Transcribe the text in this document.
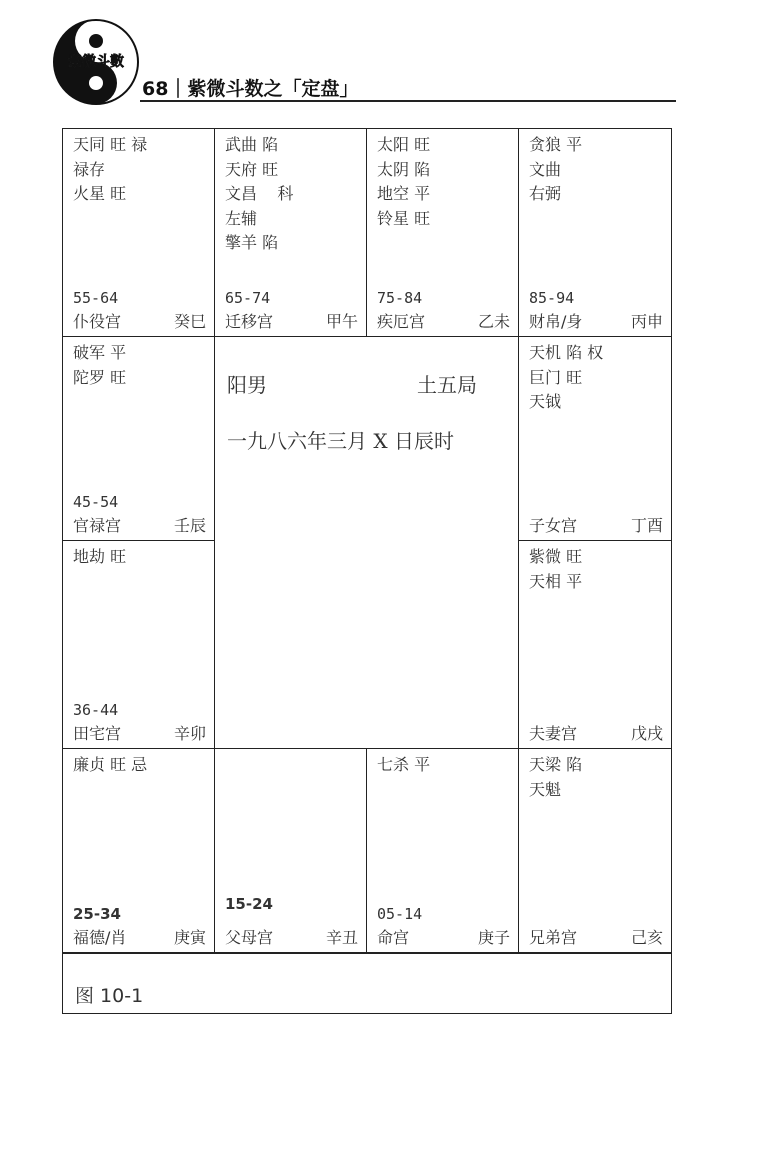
紫微斗數
68｜紫微斗数之「定盘」
阳男	土五局
一九八六年三月 X 日辰时
图 10-1
天同 旺 禄
禄存
火星 旺
55-64
仆役宫	癸巳
武曲 陷
天府 旺
文昌    科
左辅
擎羊 陷
65-74
迁移宫	甲午
太阳 旺
太阴 陷
地空 平
铃星 旺
75-84
疾厄宫	乙未
贪狼 平
文曲
右弼
85-94
财帛/身	丙申
破军 平
陀罗 旺
45-54
官禄宫	壬辰
天机 陷 权
巨门 旺
天钺
子女宫	丁酉
地劫 旺
36-44
田宅宫	辛卯
紫微 旺
天相 平
夫妻宫	戊戌
廉贞 旺 忌
25-34
福德/肖	庚寅
15-24
父母宫	辛丑
七杀 平
05-14
命宫	庚子
天梁 陷
天魁
兄弟宫	己亥
